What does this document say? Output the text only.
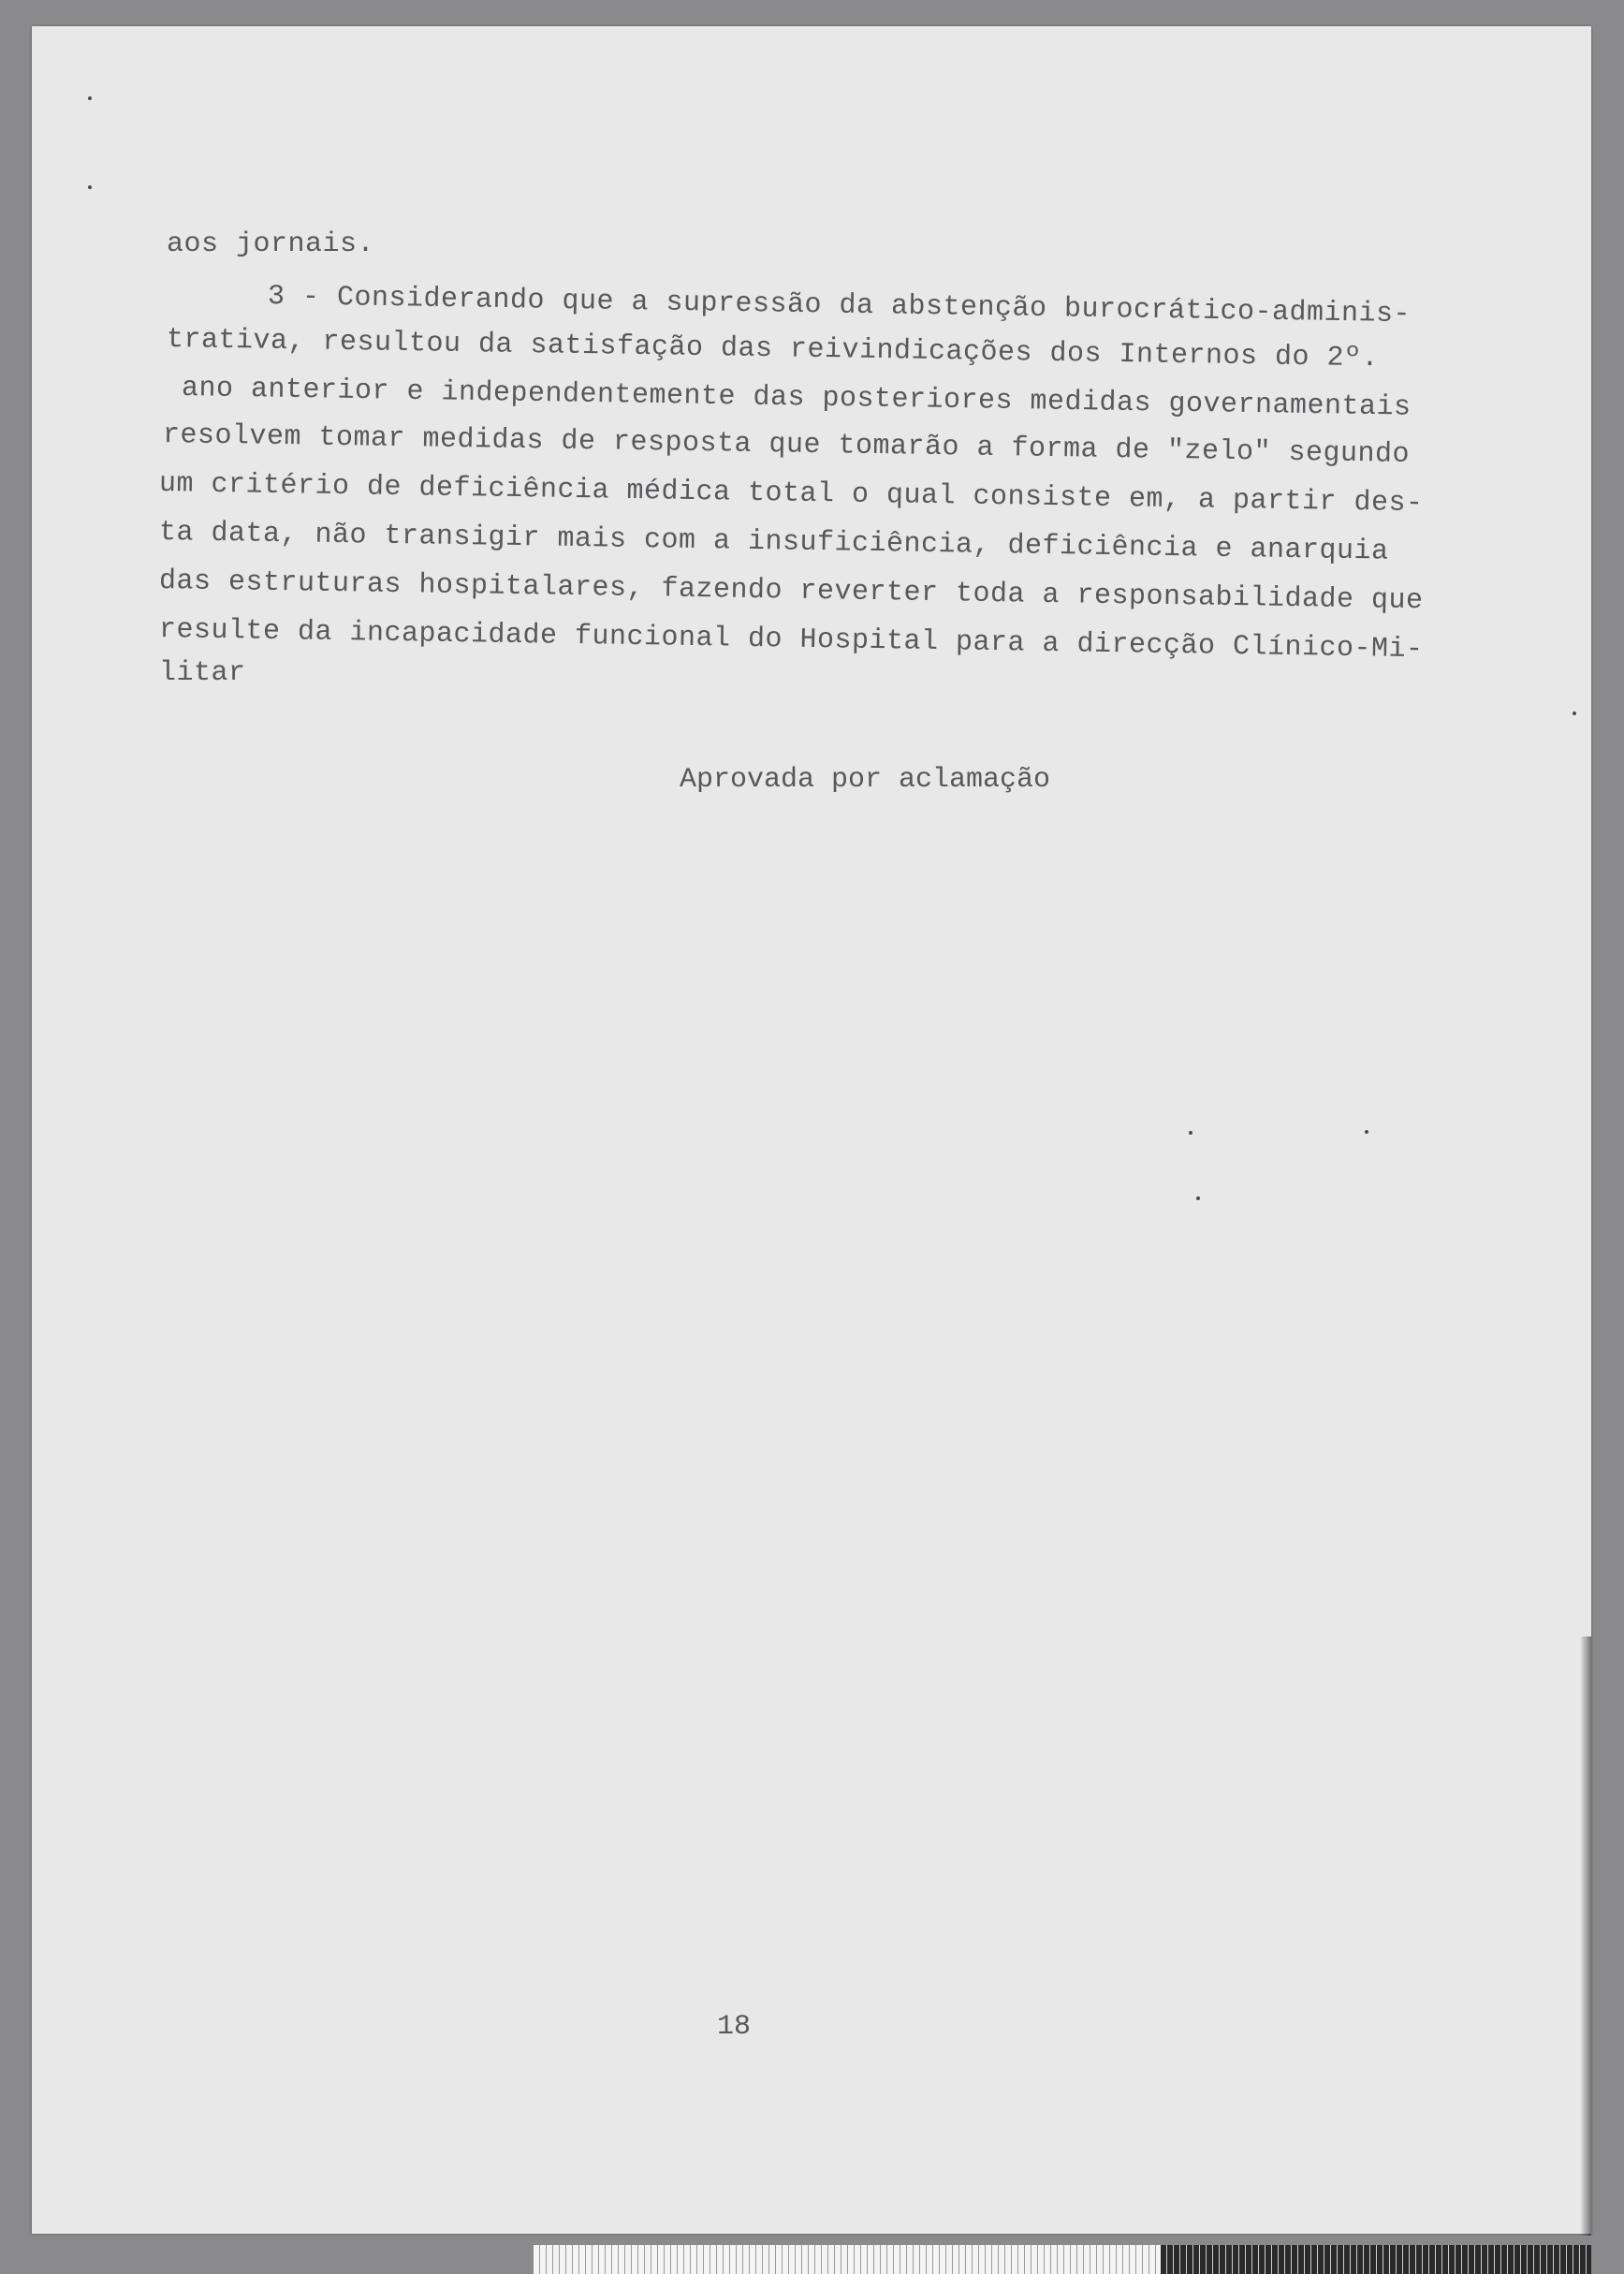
aos jornais.
3 - Considerando que a supressão da abstenção burocrático-adminis-
trativa, resultou da satisfação das reivindicações dos Internos do 2º.
ano anterior e independentemente das posteriores medidas governamentais
resolvem tomar medidas de resposta que tomarão a forma de "zelo" segundo
um critério de deficiência médica total o qual consiste em, a partir des-
ta data, não transigir mais com a insuficiência, deficiência e anarquia
das estruturas hospitalares, fazendo reverter toda a responsabilidade que
resulte da incapacidade funcional do Hospital para a direcção Clínico-Mi-
litar
Aprovada por aclamação
18
